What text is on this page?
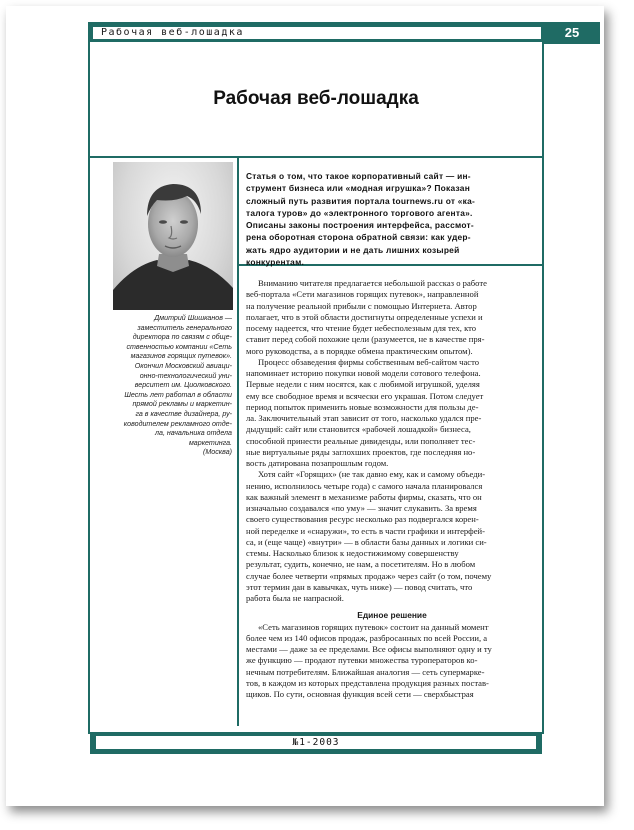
Рабочая веб-лошадка	25
Рабочая веб-лошадка
Дмитрий Шишканов —
заместитель генерального
директора по связям с обще-
ственностью компании «Сеть
магазинов горящих путевок».
Окончил Московский авиаци-
онно-технологический уни-
верситет им. Циолковского.
Шесть лет работал в области
прямой рекламы и маркетин-
га в качестве дизайнера, ру-
ководителем рекламного отде-
ла, начальника отдела
маркетинга.
(Москва)
Статья о том, что такое корпоративный сайт — ин-
струмент бизнеса или «модная игрушка»? Показан
сложный путь развития портала tournews.ru от «ка-
талога туров» до «электронного торгового агента».
Описаны законы построения интерфейса, рассмот-
рена оборотная сторона обратной связи: как удер-
жать ядро аудитории и не дать лишних козырей
конкурентам.
Вниманию читателя предлагается небольшой рассказ о работе
веб-портала «Сети магазинов горящих путевок», направленной
на получение реальной прибыли с помощью Интернета. Автор
полагает, что в этой области достигнуты определенные успехи и
посему надеется, что чтение будет небесполезным для тех, кто
ставит перед собой похожие цели (разумеется, не в качестве пря-
мого руководства, а в порядке обмена практическим опытом).
Процесс обзаведения фирмы собственным веб-сайтом часто
напоминает историю покупки новой модели сотового телефона.
Первые недели с ним носятся, как с любимой игрушкой, уделяя
ему все свободное время и всячески его украшая. Потом следует
период попыток применить новые возможности для пользы де-
ла. Заключительный этап зависит от того, насколько удался пре-
дыдущий: сайт или становится «рабочей лошадкой» бизнеса,
способной принести реальные дивиденды, или пополняет тес-
ные виртуальные ряды заглохших проектов, где последняя но-
вость датирована позапрошлым годом.
Хотя сайт «Горящих» (не так давно ему, как и самому объеди-
нению, исполнилось четыре года) с самого начала планировался
как важный элемент в механизме работы фирмы, сказать, что он
изначально создавался «по уму» — значит слукавить. За время
своего существования ресурс несколько раз подвергался корен-
ной переделке и «снаружи», то есть в части графики и интерфей-
са, и (еще чаще) «внутри» — в области базы данных и логики си-
стемы. Насколько близок к недостижимому совершенству
результат, судить, конечно, не нам, а посетителям. Но в любом
случае более четверти «прямых продаж» через сайт (о том, почему
этот термин дан в кавычках, чуть ниже) — повод считать, что
работа была не напрасной.
Единое решение
«Сеть магазинов горящих путевок» состоит на данный момент
более чем из 140 офисов продаж, разбросанных по всей России, а
местами — даже за ее пределами. Все офисы выполняют одну и ту
же функцию — продают путевки множества туроператоров ко-
нечным потребителям. Ближайшая аналогия — сеть супермарке-
тов, в каждом из которых представлена продукция разных постав-
щиков. По сути, основная функция всей сети — сверхбыстрая
№1-2003
